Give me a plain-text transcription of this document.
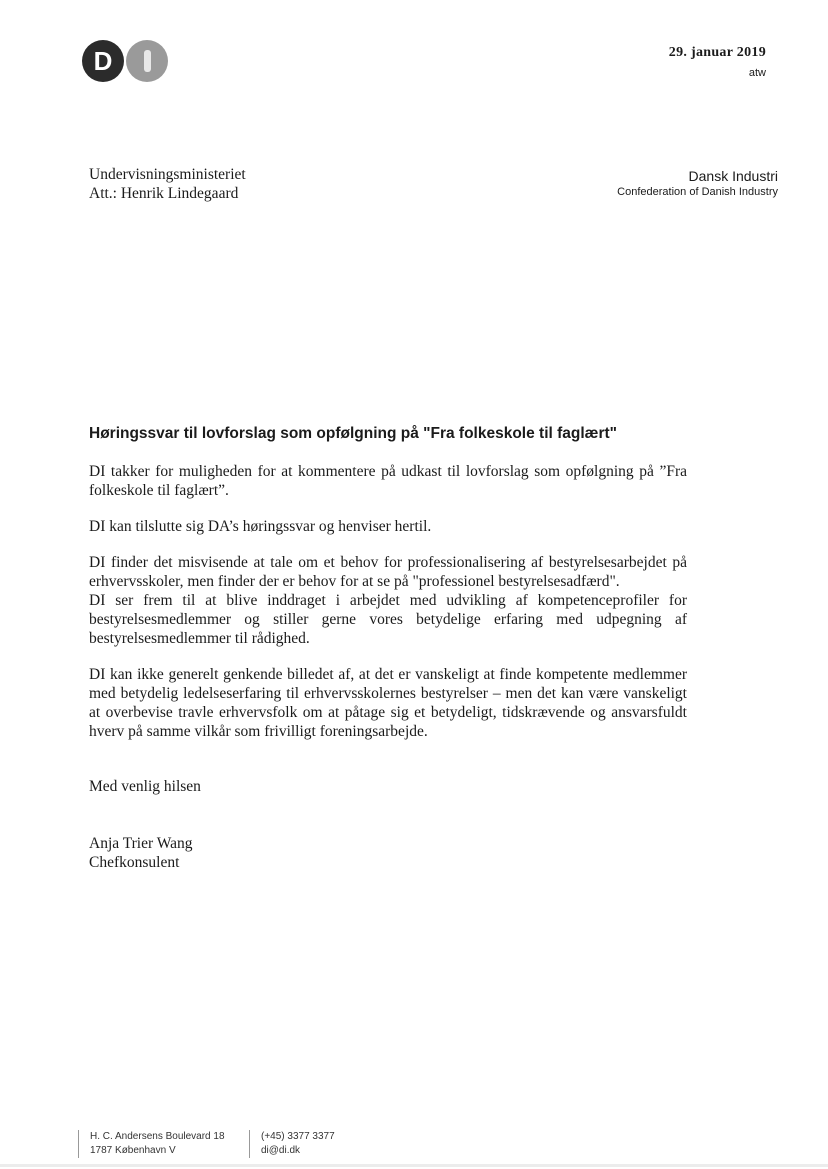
D	29. januar 2019
atw
Undervisningsministeriet
Att.: Henrik Lindegaard
Dansk Industri
Confederation of Danish Industry
Høringssvar til lovforslag som opfølgning på "Fra folkeskole til faglært"

DI takker for muligheden for at kommentere på udkast til lovforslag som opfølgning på ”Fra folkeskole til faglært”.

DI kan tilslutte sig DA’s høringssvar og henviser hertil.

DI finder det misvisende at tale om et behov for professionalisering af bestyrelsesarbejdet på erhvervsskoler, men finder der er behov for at se på "professionel bestyrelsesadfærd".

DI ser frem til at blive inddraget i arbejdet med udvikling af kompetenceprofiler for bestyrelsesmedlemmer og stiller gerne vores betydelige erfaring med udpegning af bestyrelsesmedlemmer til rådighed.

DI kan ikke generelt genkende billedet af, at det er vanskeligt at finde kompetente medlemmer med betydelig ledelseserfaring til erhvervsskolernes bestyrelser – men det kan være vanskeligt at overbevise travle erhvervsfolk om at påtage sig et betydeligt, tidskrævende og ansvarsfuldt hverv på samme vilkår som frivilligt foreningsarbejde.

Med venlig hilsen
Anja Trier Wang
Chefkonsulent
H. C. Andersens Boulevard 18
1787 København V
(+45) 3377 3377
di@di.dk
